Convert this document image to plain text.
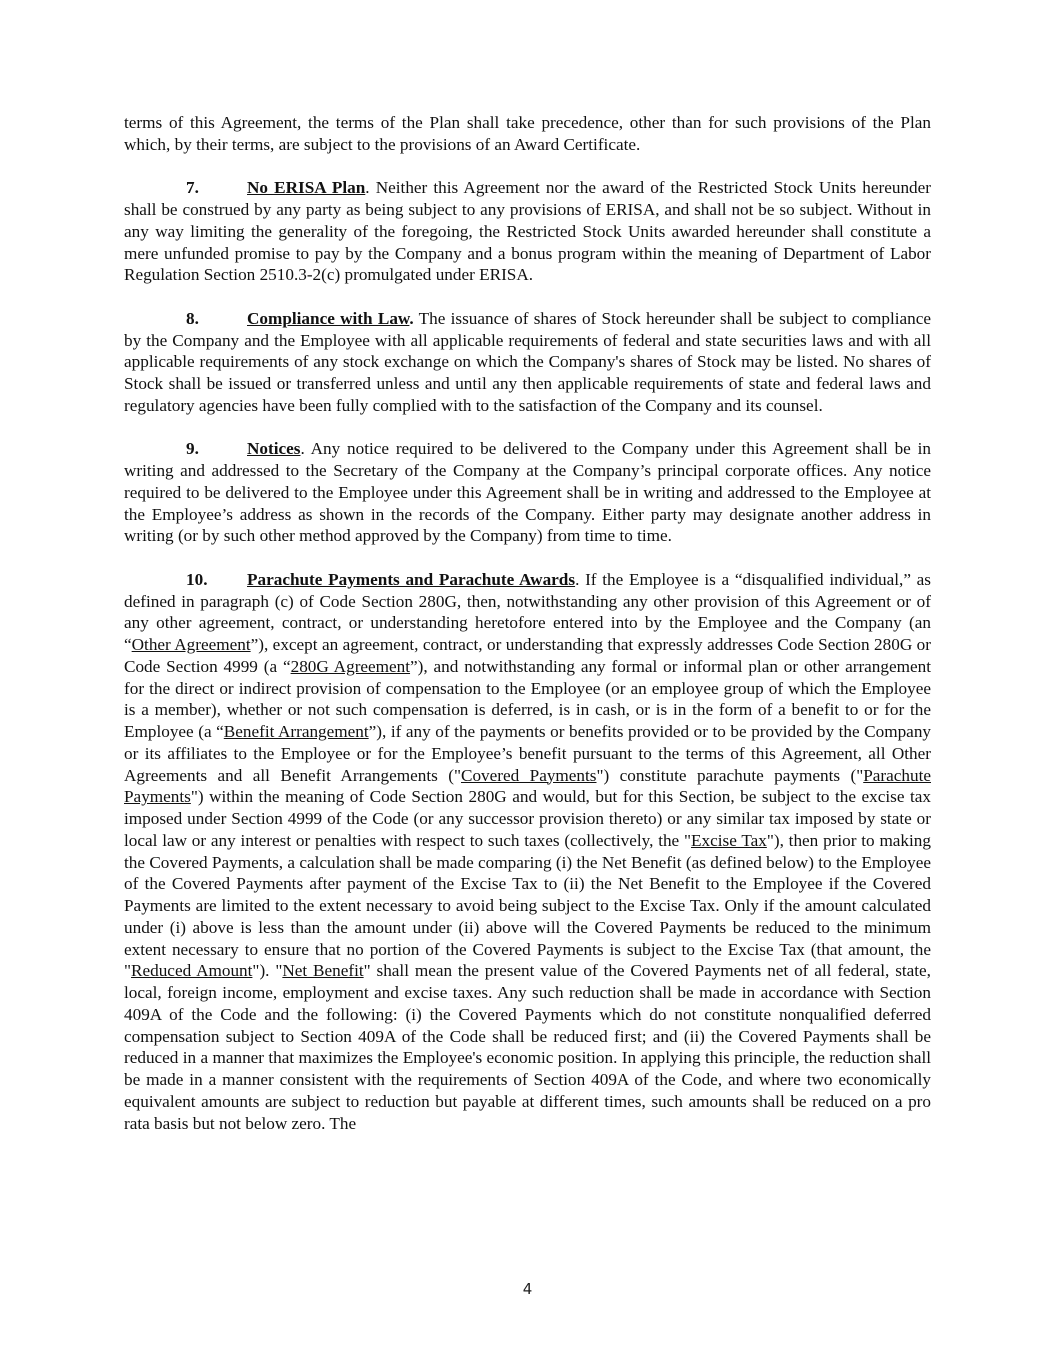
terms of this Agreement, the terms of the Plan shall take precedence, other than for such provisions of the Plan which, by their terms, are subject to the provisions of an Award Certificate.

7.	No ERISA Plan. Neither this Agreement nor the award of the Restricted Stock Units hereunder shall be construed by any party as being subject to any provisions of ERISA, and shall not be so subject. Without in any way limiting the generality of the foregoing, the Restricted Stock Units awarded hereunder shall constitute a mere unfunded promise to pay by the Company and a bonus program within the meaning of Department of Labor Regulation Section 2510.3-2(c) promulgated under ERISA.

8.	Compliance with Law. The issuance of shares of Stock hereunder shall be subject to compliance by the Company and the Employee with all applicable requirements of federal and state securities laws and with all applicable requirements of any stock exchange on which the Company's shares of Stock may be listed. No shares of Stock shall be issued or transferred unless and until any then applicable requirements of state and federal laws and regulatory agencies have been fully complied with to the satisfaction of the Company and its counsel.

9.	Notices. Any notice required to be delivered to the Company under this Agreement shall be in writing and addressed to the Secretary of the Company at the Company’s principal corporate offices. Any notice required to be delivered to the Employee under this Agreement shall be in writing and addressed to the Employee at the Employee’s address as shown in the records of the Company. Either party may designate another address in writing (or by such other method approved by the Company) from time to time.

10. Parachute Payments and Parachute Awards. If the Employee is a “disqualified individual,” as defined in paragraph (c) of Code Section 280G, then, notwithstanding any other provision of this Agreement or of any other agreement, contract, or understanding heretofore entered into by the Employee and the Company (an “Other Agreement”), except an agreement, contract, or understanding that expressly addresses Code Section 280G or Code Section 4999 (a “280G Agreement”), and notwithstanding any formal or informal plan or other arrangement for the direct or indirect provision of compensation to the Employee (or an employee group of which the Employee is a member), whether or not such compensation is deferred, is in cash, or is in the form of a benefit to or for the Employee (a “Benefit Arrangement”), if any of the payments or benefits provided or to be provided by the Company or its affiliates to the Employee or for the Employee’s benefit pursuant to the terms of this Agreement, all Other Agreements and all Benefit Arrangements ("Covered Payments") constitute parachute payments ("Parachute Payments") within the meaning of Code Section 280G and would, but for this Section, be subject to the excise tax imposed under Section 4999 of the Code (or any successor provision thereto) or any similar tax imposed by state or local law or any interest or penalties with respect to such taxes (collectively, the "Excise Tax"), then prior to making the Covered Payments, a calculation shall be made comparing (i) the Net Benefit (as defined below) to the Employee of the Covered Payments after payment of the Excise Tax to (ii) the Net Benefit to the Employee if the Covered Payments are limited to the extent necessary to avoid being subject to the Excise Tax. Only if the amount calculated under (i) above is less than the amount under (ii) above will the Covered Payments be reduced to the minimum extent necessary to ensure that no portion of the Covered Payments is subject to the Excise Tax (that amount, the "Reduced Amount"). "Net Benefit" shall mean the present value of the Covered Payments net of all federal, state, local, foreign income, employment and excise taxes. Any such reduction shall be made in accordance with Section 409A of the Code and the following: (i) the Covered Payments which do not constitute nonqualified deferred compensation subject to Section 409A of the Code shall be reduced first; and (ii) the Covered Payments shall be reduced in a manner that maximizes the Employee's economic position. In applying this principle, the reduction shall be made in a manner consistent with the requirements of Section 409A of the Code, and where two economically equivalent amounts are subject to reduction but payable at different times, such amounts shall be reduced on a pro rata basis but not below zero. The

4
